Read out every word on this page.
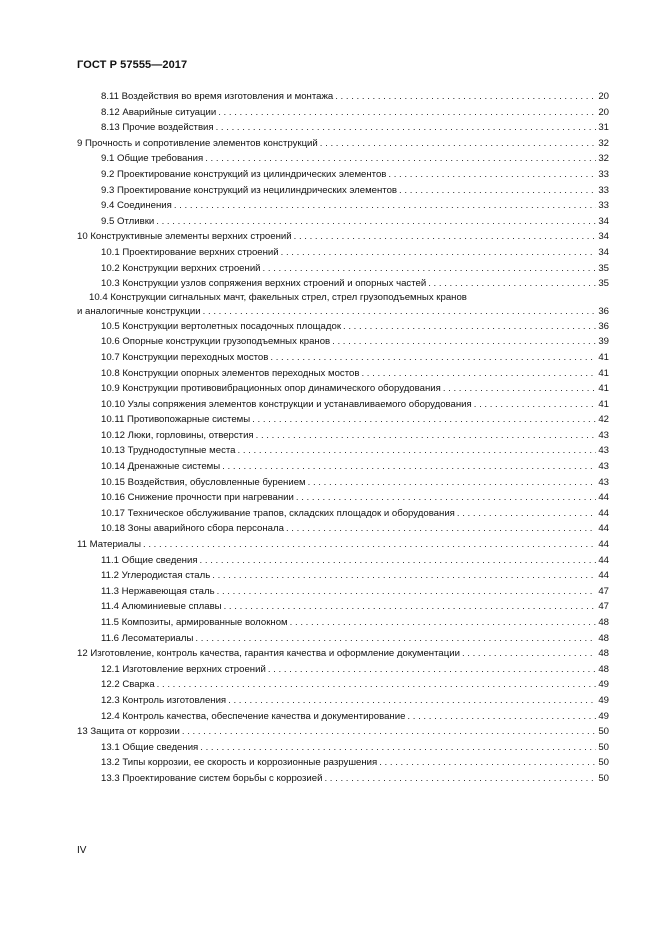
ГОСТ Р 57555—2017
8.11 Воздействия во время изготовления и монтажа . . .	20
8.12 Аварийные ситуации . . .	20
8.13 Прочие воздействия . . .	31
9 Прочность и сопротивление элементов конструкций . . .	32
9.1 Общие требования . . .	32
9.2 Проектирование конструкций из цилиндрических элементов . . .	33
9.3 Проектирование конструкций из нецилиндрических элементов . . .	33
9.4 Соединения . . .	33
9.5 Отливки . . .	34
10 Конструктивные элементы верхних строений . . .	34
10.1 Проектирование верхних строений . . .	34
10.2 Конструкции верхних строений . . .	35
10.3 Конструкции узлов сопряжения верхних строений и опорных частей . . .	35
10.4 Конструкции сигнальных мачт, факельных стрел, стрел грузоподъемных кранов
и аналогичные конструкции . . .	36
10.5 Конструкции вертолетных посадочных площадок . . .	36
10.6 Опорные конструкции грузоподъемных кранов . . .	39
10.7 Конструкции переходных мостов . . .	41
10.8 Конструкции опорных элементов переходных мостов . . .	41
10.9 Конструкции противовибрационных опор динамического оборудования . . .	41
10.10 Узлы сопряжения элементов конструкции и устанавливаемого оборудования . . .	41
10.11 Противопожарные системы . . .	42
10.12 Люки, горловины, отверстия . . .	43
10.13 Труднодоступные места . . .	43
10.14 Дренажные системы . . .	43
10.15 Воздействия, обусловленные бурением . . .	43
10.16 Снижение прочности при нагревании . . .	44
10.17 Техническое обслуживание трапов, складских площадок и оборудования . . .	44
10.18 Зоны аварийного сбора персонала . . .	44
11 Материалы . . .	44
11.1 Общие сведения . . .	44
11.2 Углеродистая сталь . . .	44
11.3 Нержавеющая сталь . . .	47
11.4 Алюминиевые сплавы . . .	47
11.5 Композиты, армированные волокном . . .	48
11.6 Лесоматериалы . . .	48
12 Изготовление, контроль качества, гарантия качества и оформление документации . . .	48
12.1 Изготовление верхних строений . . .	48
12.2 Сварка . . .	49
12.3 Контроль изготовления . . .	49
12.4 Контроль качества, обеспечение качества и документирование . . .	49
13 Защита от коррозии . . .	50
13.1 Общие сведения . . .	50
13.2 Типы коррозии, ее скорость и коррозионные разрушения . . .	50
13.3 Проектирование систем борьбы с коррозией . . .	50
IV
